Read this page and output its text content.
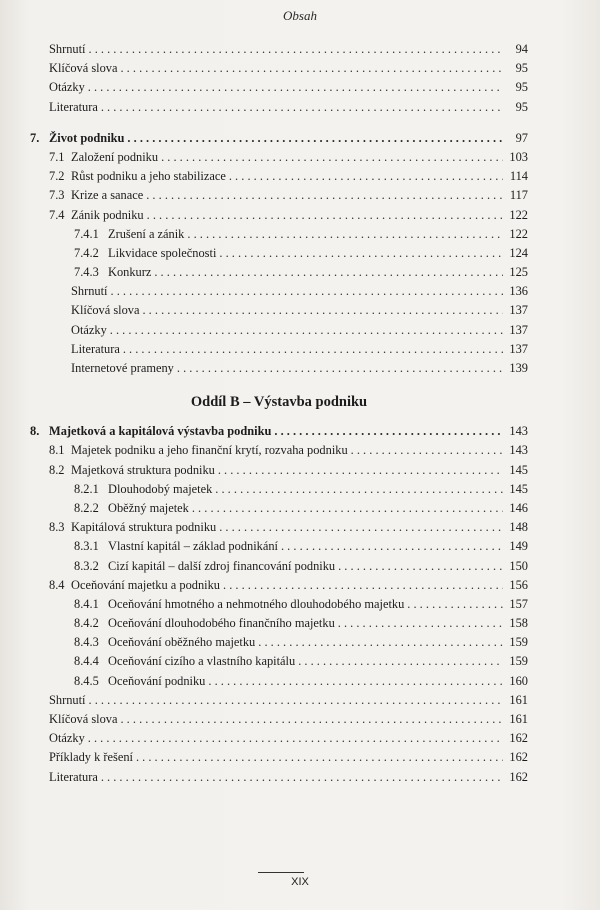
Obsah
Shrnutí . . .	94
Klíčová slova . . .	95
Otázky . . .	95
Literatura . . .	95
7. Život podniku . . .	97
7.1 Založení podniku . . .	103
7.2 Růst podniku a jeho stabilizace . . .	114
7.3 Krize a sanace . . .	117
7.4 Zánik podniku . . .	122
7.4.1 Zrušení a zánik . . .	122
7.4.2 Likvidace společnosti . . .	124
7.4.3 Konkurz . . .	125
Shrnutí . . .	136
Klíčová slova . . .	137
Otázky . . .	137
Literatura . . .	137
Internetové prameny . . .	139
Oddíl B – Výstavba podniku
8. Majetková a kapitálová výstavba podniku . . .	143
8.1 Majetek podniku a jeho finanční krytí, rozvaha podniku . . .	143
8.2 Majetková struktura podniku . . .	145
8.2.1 Dlouhodobý majetek . . .	145
8.2.2 Oběžný majetek . . .	146
8.3 Kapitálová struktura podniku . . .	148
8.3.1 Vlastní kapitál – základ podnikání . . .	149
8.3.2 Cizí kapitál – další zdroj financování podniku . . .	150
8.4 Oceňování majetku a podniku . . .	156
8.4.1 Oceňování hmotného a nehmotného dlouhodobého majetku . . .	157
8.4.2 Oceňování dlouhodobého finančního majetku . . .	158
8.4.3 Oceňování oběžného majetku . . .	159
8.4.4 Oceňování cizího a vlastního kapitálu . . .	159
8.4.5 Oceňování podniku . . .	160
Shrnutí . . .	161
Klíčová slova . . .	161
Otázky . . .	162
Příklady k řešení . . .	162
Literatura . . .	162
XIX
